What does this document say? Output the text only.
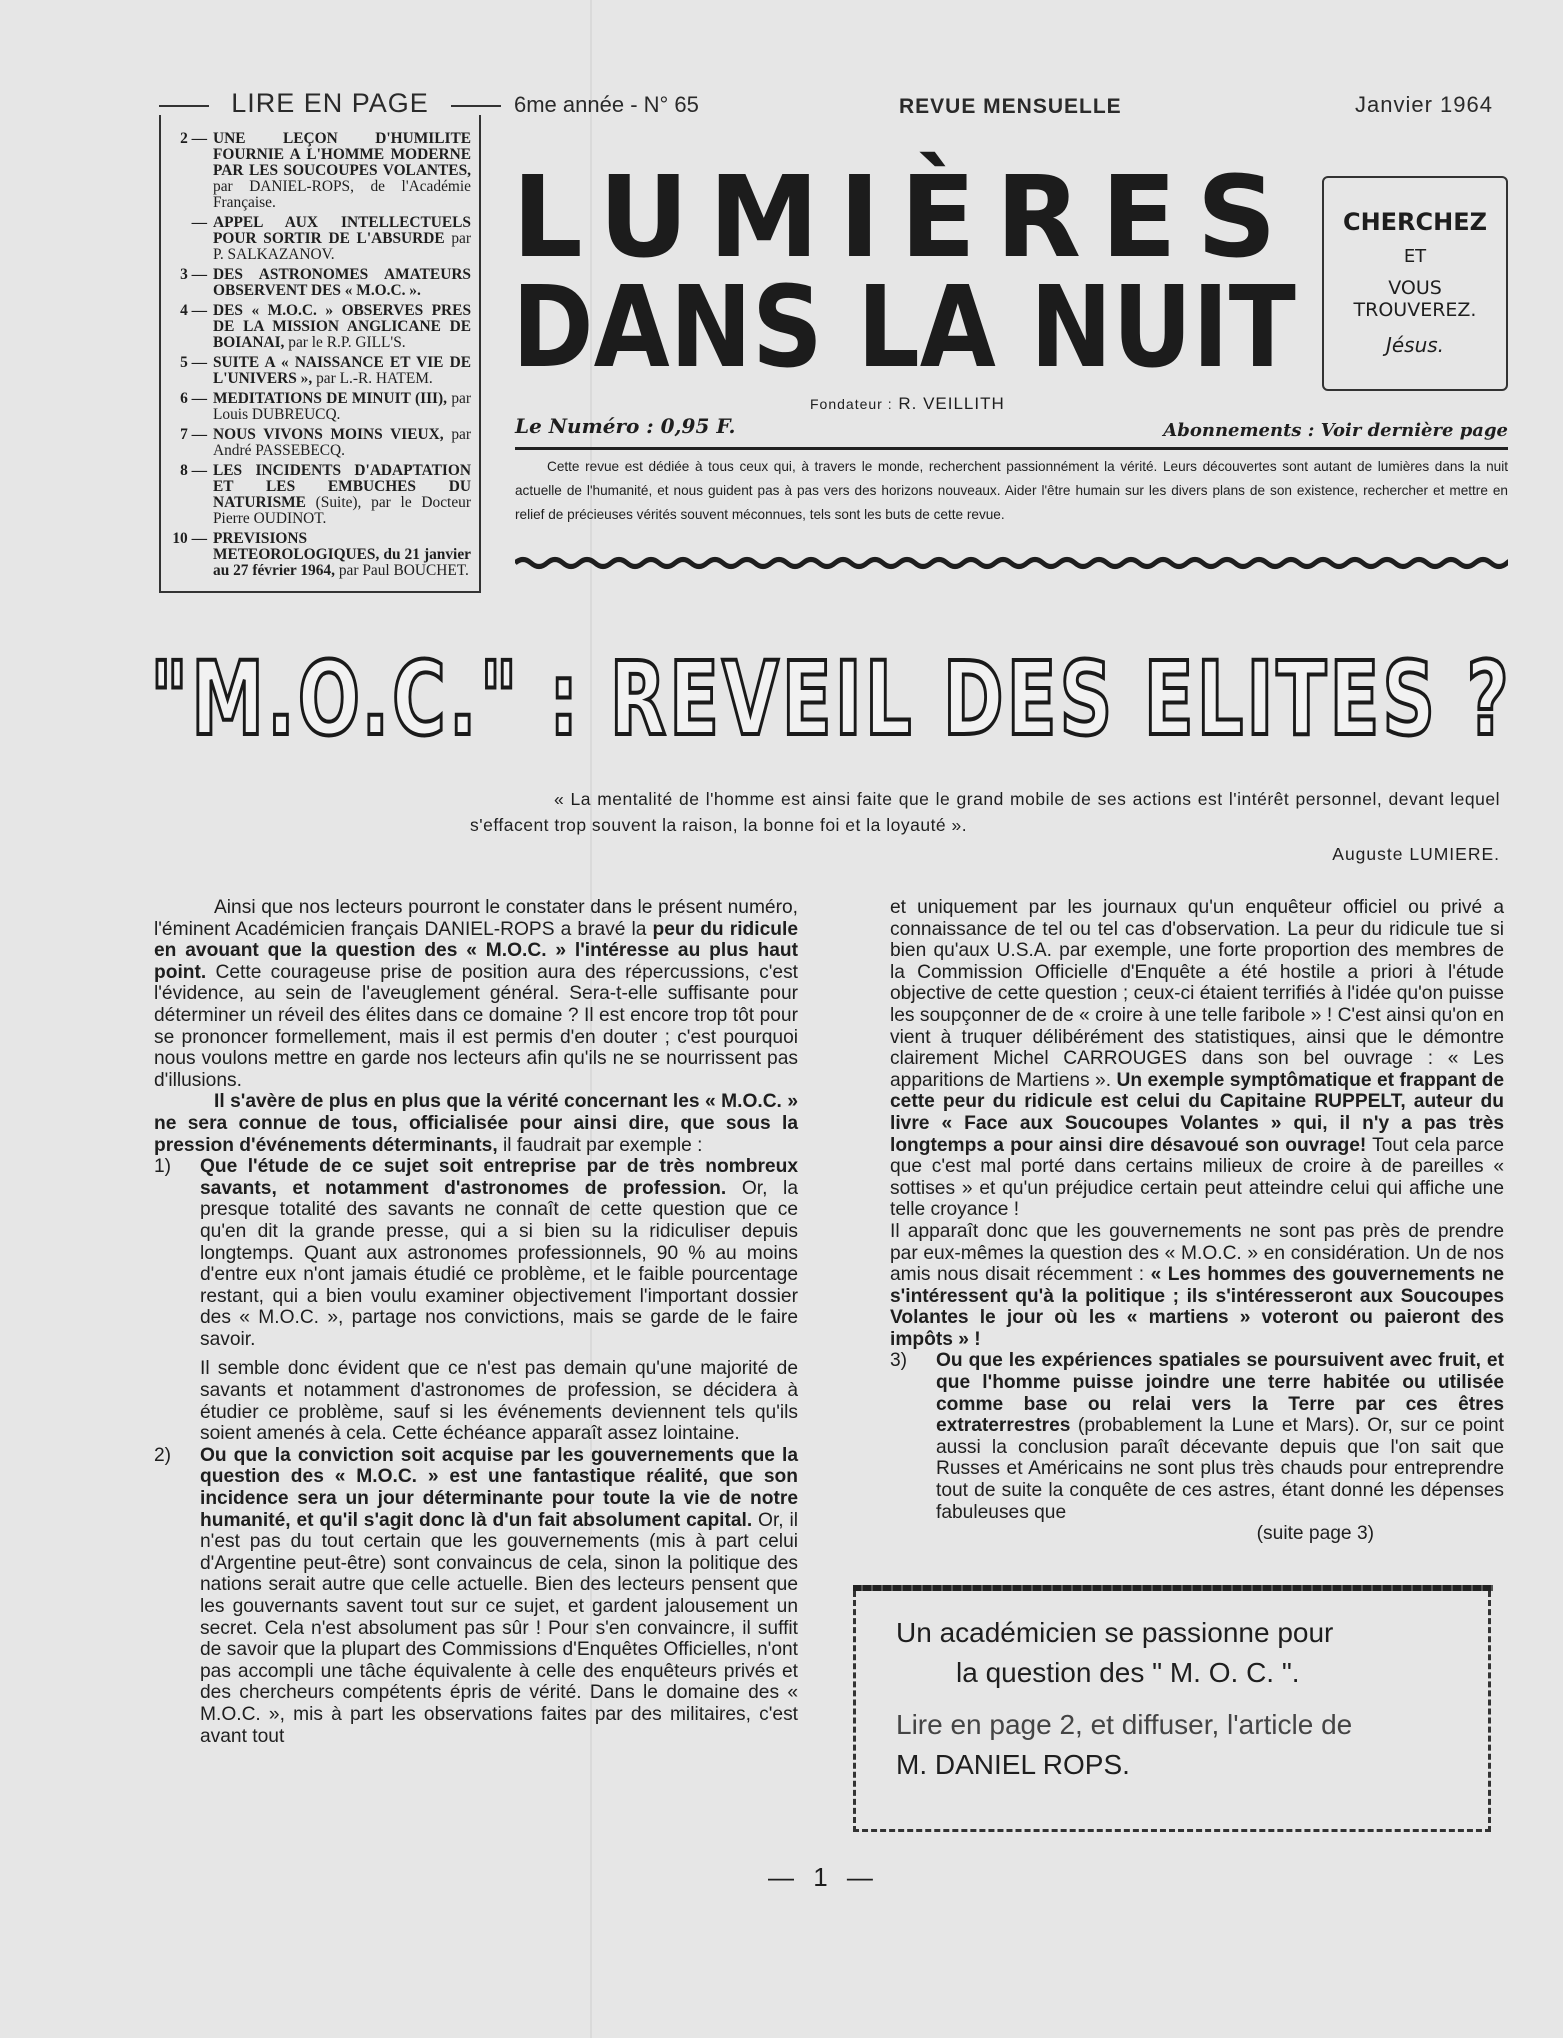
LIRE EN PAGE
2 — UNE LEÇON D'HUMILITE FOURNIE A L'HOMME MODERNE PAR LES SOUCOUPES VOLANTES, par DANIEL-ROPS, de l'Académie Française.
— APPEL AUX INTELLECTUELS POUR SORTIR DE L'ABSURDE par P. SALKAZANOV.
3 — DES ASTRONOMES AMATEURS OBSERVENT DES « M.O.C. ».
4 — DES « M.O.C. » OBSERVES PRES DE LA MISSION ANGLICANE DE BOIANAI, par le R.P. GILL'S.
5 — SUITE A « NAISSANCE ET VIE DE L'UNIVERS », par L.-R. HATEM.
6 — MEDITATIONS DE MINUIT (III), par Louis DUBREUCQ.
7 — NOUS VIVONS MOINS VIEUX, par André PASSEBECQ.
8 — LES INCIDENTS D'ADAPTATION ET LES EMBUCHES DU NATURISME (Suite), par le Docteur Pierre OUDINOT.
10 — PREVISIONS METEOROLOGIQUES, du 21 janvier au 27 février 1964, par Paul BOUCHET.
6me année - N° 65	REVUE MENSUELLE	Janvier 1964
LUMIÈRES
DANS LA NUIT
CHERCHEZ
ET
VOUS TROUVEREZ.
Jésus.
Fondateur : R. VEILLITH
Le Numéro : 0,95 F.	Abonnements : Voir dernière page
Cette revue est dédiée à tous ceux qui, à travers le monde, recherchent passionnément la vérité. Leurs découvertes sont autant de lumières dans la nuit actuelle de l'humanité, et nous guident pas à pas vers des horizons nouveaux. Aider l'être humain sur les divers plans de son existence, rechercher et mettre en relief de précieuses vérités souvent méconnues, tels sont les buts de cette revue.
"M.O.C." : REVEIL DES ELITES ?
« La mentalité de l'homme est ainsi faite que le grand mobile de ses actions est l'intérêt personnel, devant lequel s'effacent trop souvent la raison, la bonne foi et la loyauté ».
Auguste LUMIERE.

Ainsi que nos lecteurs pourront le constater dans le présent numéro, l'éminent Académicien français DANIEL-ROPS a bravé la peur du ridicule en avouant que la question des « M.O.C. » l'intéresse au plus haut point. Cette courageuse prise de position aura des répercussions, c'est l'évidence, au sein de l'aveuglement général. Sera-t-elle suffisante pour déterminer un réveil des élites dans ce domaine ? Il est encore trop tôt pour se prononcer formellement, mais il est permis d'en douter ; c'est pourquoi nous voulons mettre en garde nos lecteurs afin qu'ils ne se nourrissent pas d'illusions.

Il s'avère de plus en plus que la vérité concernant les « M.O.C. » ne sera connue de tous, officialisée pour ainsi dire, que sous la pression d'événements déterminants, il faudrait par exemple :

1)	Que l'étude de ce sujet soit entreprise par de très nombreux savants, et notamment d'astronomes de profession. Or, la presque totalité des savants ne connaît de cette question que ce qu'en dit la grande presse, qui a si bien su la ridiculiser depuis longtemps. Quant aux astronomes professionnels, 90 % au moins d'entre eux n'ont jamais étudié ce problème, et le faible pourcentage restant, qui a bien voulu examiner objectivement l'important dossier des « M.O.C. », partage nos convictions, mais se garde de le faire savoir.

Il semble donc évident que ce n'est pas demain qu'une majorité de savants et notamment d'astronomes de profession, se décidera à étudier ce problème, sauf si les événements deviennent tels qu'ils soient amenés à cela. Cette échéance apparaît assez lointaine.

2)	Ou que la conviction soit acquise par les gouvernements que la question des « M.O.C. » est une fantastique réalité, que son incidence sera un jour déterminante pour toute la vie de notre humanité, et qu'il s'agit donc là d'un fait absolument capital. Or, il n'est pas du tout certain que les gouvernements (mis à part celui d'Argentine peut-être) sont convaincus de cela, sinon la politique des nations serait autre que celle actuelle. Bien des lecteurs pensent que les gouvernants savent tout sur ce sujet, et gardent jalousement un secret. Cela n'est absolument pas sûr ! Pour s'en convaincre, il suffit de savoir que la plupart des Commissions d'Enquêtes Officielles, n'ont pas accompli une tâche équivalente à celle des enquêteurs privés et des chercheurs compétents épris de vérité. Dans le domaine des « M.O.C. », mis à part les observations faites par des militaires, c'est avant tout

et uniquement par les journaux qu'un enquêteur officiel ou privé a connaissance de tel ou tel cas d'observation. La peur du ridicule tue si bien qu'aux U.S.A. par exemple, une forte proportion des membres de la Commission Officielle d'Enquête a été hostile a priori à l'étude objective de cette question ; ceux-ci étaient terrifiés à l'idée qu'on puisse les soupçonner de de « croire à une telle faribole » ! C'est ainsi qu'on en vient à truquer délibérément des statistiques, ainsi que le démontre clairement Michel CARROUGES dans son bel ouvrage : « Les apparitions de Martiens ». Un exemple symptômatique et frappant de cette peur du ridicule est celui du Capitaine RUPPELT, auteur du livre « Face aux Soucoupes Volantes » qui, il n'y a pas très longtemps a pour ainsi dire désavoué son ouvrage! Tout cela parce que c'est mal porté dans certains milieux de croire à de pareilles « sottises » et qu'un préjudice certain peut atteindre celui qui affiche une telle croyance !

Il apparaît donc que les gouvernements ne sont pas près de prendre par eux-mêmes la question des « M.O.C. » en considération. Un de nos amis nous disait récemment : « Les hommes des gouvernements ne s'intéressent qu'à la politique ; ils s'intéresseront aux Soucoupes Volantes le jour où les « martiens » voteront ou paieront des impôts » !

3)	Ou que les expériences spatiales se poursuivent avec fruit, et que l'homme puisse joindre une terre habitée ou utilisée comme base ou relai vers la Terre par ces êtres extraterrestres (probablement la Lune et Mars). Or, sur ce point aussi la conclusion paraît décevante depuis que l'on sait que Russes et Américains ne sont plus très chauds pour entreprendre tout de suite la conquête de ces astres, étant donné les dépenses fabuleuses que

(suite page 3)

Un académicien se passionne pour
la question des " M. O. C. ".
Lire en page 2, et diffuser, l'article de
M. DANIEL ROPS.
— 1 —
